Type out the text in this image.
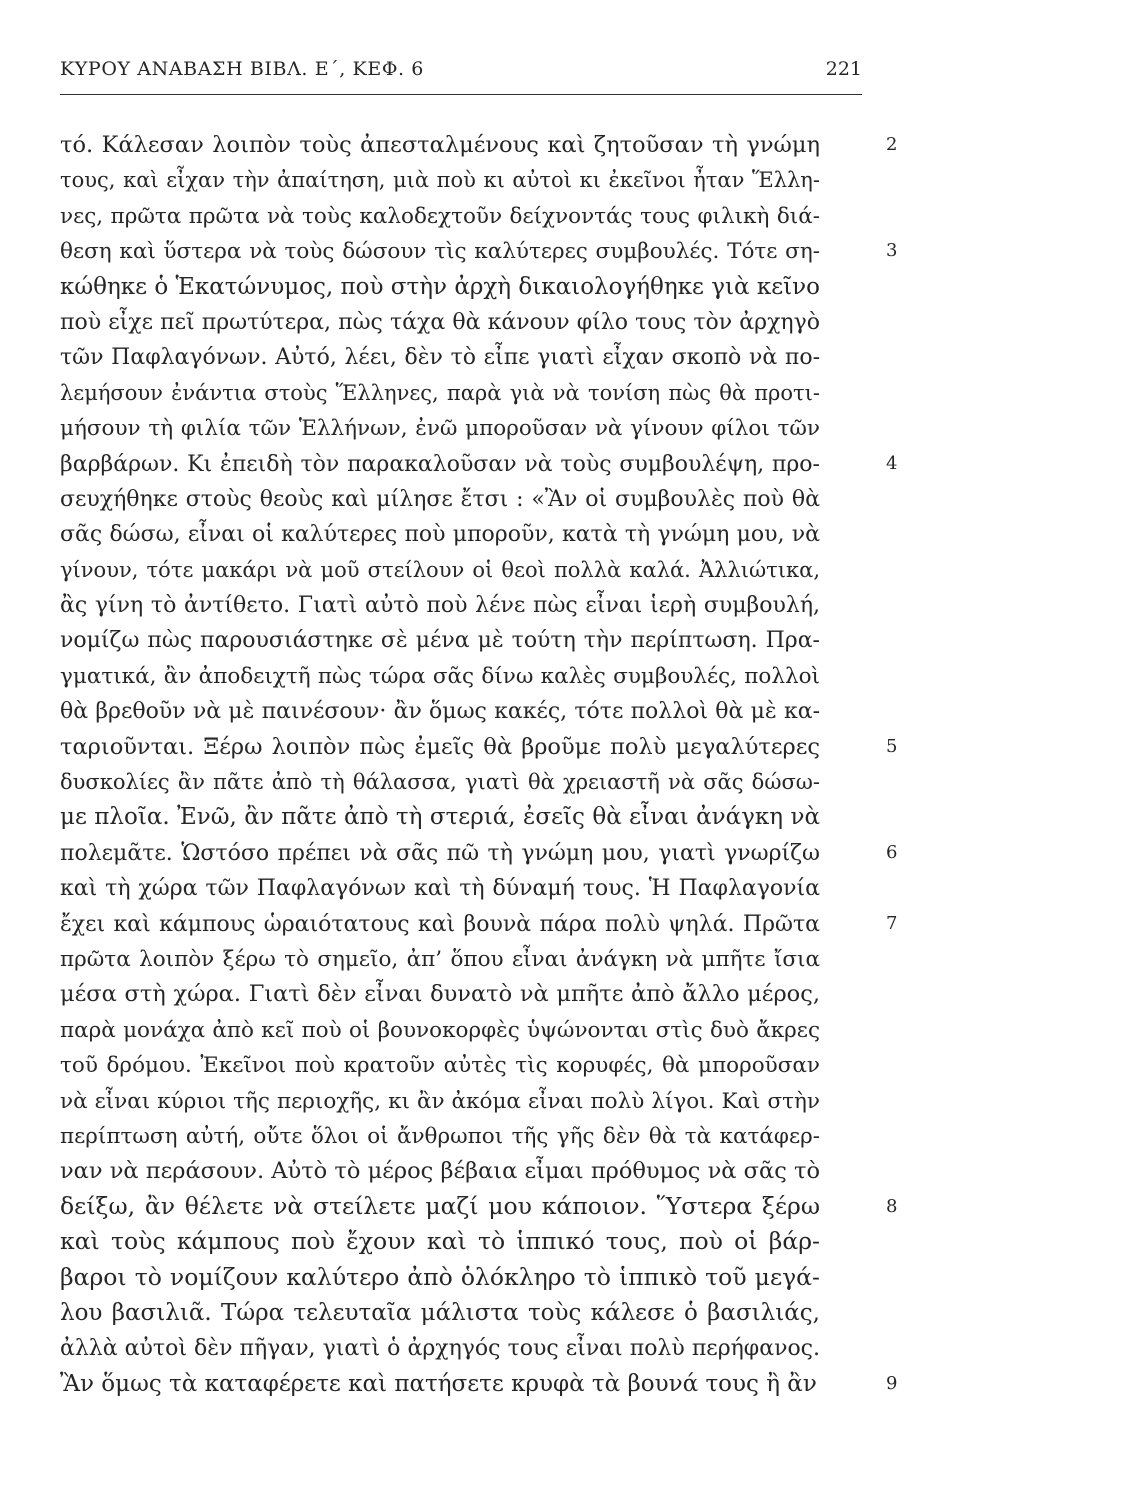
ΚΥΡΟΥ ΑΝΑΒΑΣΗ ΒΙΒΛ. Ε΄, ΚΕΦ. 6	221
τό. Κάλεσαν λοιπὸν τοὺς ἀπεσταλμένους καὶ ζητοῦσαν τὴ γνώμη	2
τους, καὶ εἶχαν τὴν ἀπαίτηση, μιὰ ποὺ κι αὐτοὶ κι ἐκεῖνοι ἦταν Ἕλλη-
νες, πρῶτα πρῶτα νὰ τοὺς καλοδεχτοῦν δείχνοντάς τους φιλικὴ διά-
θεση καὶ ὕστερα νὰ τοὺς δώσουν τὶς καλύτερες συμβουλές. Τότε ση-	3
κώθηκε ὁ Ἑκατώνυμος, ποὺ στὴν ἀρχὴ δικαιολογήθηκε γιὰ κεῖνο
ποὺ εἶχε πεῖ πρωτύτερα, πὼς τάχα θὰ κάνουν φίλο τους τὸν ἀρχηγὸ
τῶν Παφλαγόνων. Αὐτό, λέει, δὲν τὸ εἶπε γιατὶ εἶχαν σκοπὸ νὰ πο-
λεμήσουν ἐνάντια στοὺς Ἕλληνες, παρὰ γιὰ νὰ τονίση πὼς θὰ προτι-
μήσουν τὴ φιλία τῶν Ἑλλήνων, ἐνῶ μποροῦσαν νὰ γίνουν φίλοι τῶν
βαρβάρων. Κι ἐπειδὴ τὸν παρακαλοῦσαν νὰ τοὺς συμβουλέψη, προ-	4
σευχήθηκε στοὺς θεοὺς καὶ μίλησε ἔτσι : «Ἂν οἱ συμβουλὲς ποὺ θὰ
σᾶς δώσω, εἶναι οἱ καλύτερες ποὺ μποροῦν, κατὰ τὴ γνώμη μου, νὰ
γίνουν, τότε μακάρι νὰ μοῦ στείλουν οἱ θεοὶ πολλὰ καλά. Ἀλλιώτικα,
ἂς γίνη τὸ ἀντίθετο. Γιατὶ αὐτὸ ποὺ λένε πὼς εἶναι ἱερὴ συμβουλή,
νομίζω πὼς παρουσιάστηκε σὲ μένα μὲ τούτη τὴν περίπτωση. Πρα-
γματικά, ἂν ἀποδειχτῆ πὼς τώρα σᾶς δίνω καλὲς συμβουλές, πολλοὶ
θὰ βρεθοῦν νὰ μὲ παινέσουν· ἂν ὅμως κακές, τότε πολλοὶ θὰ μὲ κα-
ταριοῦνται. Ξέρω λοιπὸν πὼς ἐμεῖς θὰ βροῦμε πολὺ μεγαλύτερες	5
δυσκολίες ἂν πᾶτε ἀπὸ τὴ θάλασσα, γιατὶ θὰ χρειαστῆ νὰ σᾶς δώσω-
με πλοῖα. Ἐνῶ, ἂν πᾶτε ἀπὸ τὴ στεριά, ἐσεῖς θὰ εἶναι ἀνάγκη νὰ
πολεμᾶτε. Ὡστόσο πρέπει νὰ σᾶς πῶ τὴ γνώμη μου, γιατὶ γνωρίζω	6
καὶ τὴ χώρα τῶν Παφλαγόνων καὶ τὴ δύναμή τους. Ἡ Παφλαγονία
ἔχει καὶ κάμπους ὡραιότατους καὶ βουνὰ πάρα πολὺ ψηλά. Πρῶτα	7
πρῶτα λοιπὸν ξέρω τὸ σημεῖο, ἀπ’ ὅπου εἶναι ἀνάγκη νὰ μπῆτε ἴσια
μέσα στὴ χώρα. Γιατὶ δὲν εἶναι δυνατὸ νὰ μπῆτε ἀπὸ ἄλλο μέρος,
παρὰ μονάχα ἀπὸ κεῖ ποὺ οἱ βουνοκορφὲς ὑψώνονται στὶς δυὸ ἄκρες
τοῦ δρόμου. Ἐκεῖνοι ποὺ κρατοῦν αὐτὲς τὶς κορυφές, θὰ μποροῦσαν
νὰ εἶναι κύριοι τῆς περιοχῆς, κι ἂν ἀκόμα εἶναι πολὺ λίγοι. Καὶ στὴν
περίπτωση αὐτή, οὔτε ὅλοι οἱ ἄνθρωποι τῆς γῆς δὲν θὰ τὰ κατάφερ-
ναν νὰ περάσουν. Αὐτὸ τὸ μέρος βέβαια εἶμαι πρόθυμος νὰ σᾶς τὸ
δείξω, ἂν θέλετε νὰ στείλετε μαζί μου κάποιον. Ὕστερα ξέρω	8
καὶ τοὺς κάμπους ποὺ ἔχουν καὶ τὸ ἱππικό τους, ποὺ οἱ βάρ-
βαροι τὸ νομίζουν καλύτερο ἀπὸ ὁλόκληρο τὸ ἱππικὸ τοῦ μεγά-
λου βασιλιᾶ. Τώρα τελευταῖα μάλιστα τοὺς κάλεσε ὁ βασιλιάς,
ἀλλὰ αὐτοὶ δὲν πῆγαν, γιατὶ ὁ ἀρχηγός τους εἶναι πολὺ περήφανος.
Ἂν ὅμως τὰ καταφέρετε καὶ πατήσετε κρυφὰ τὰ βουνά τους ἢ ἂν	9
